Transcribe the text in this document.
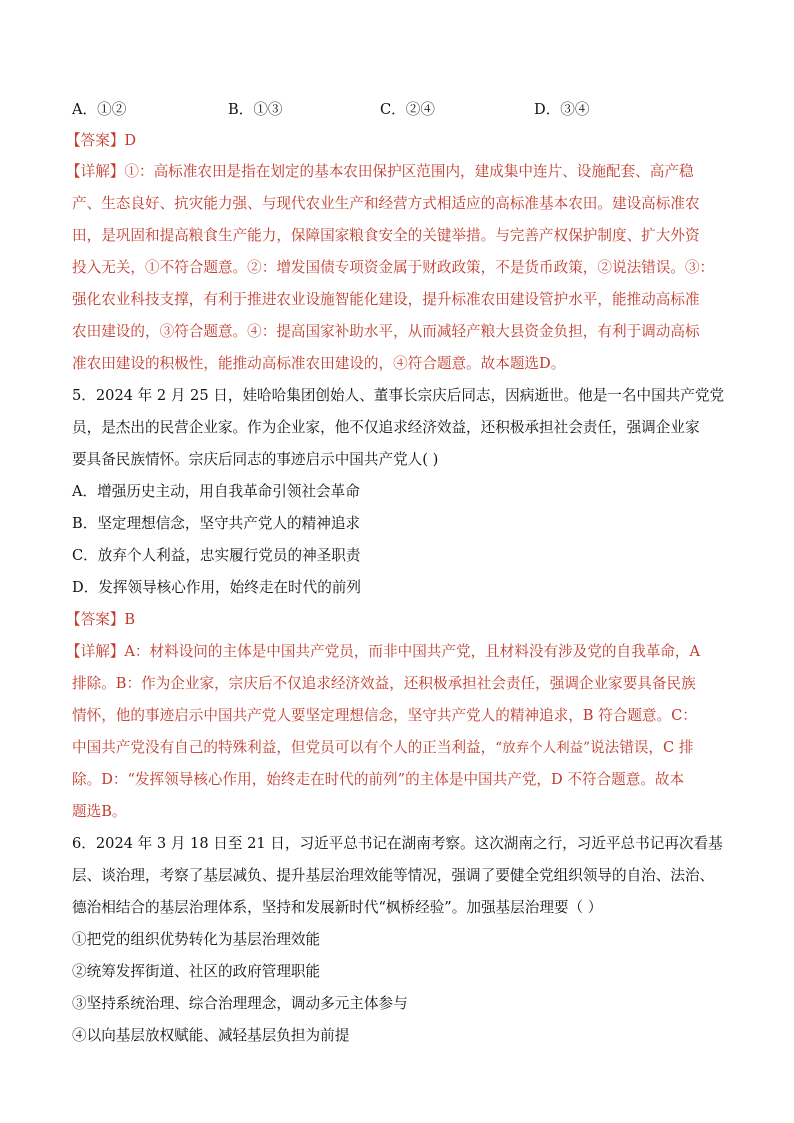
A．①②	B．①③	C．②④	D．③④
【答案】D
【详解】①：高标准农田是指在划定的基本农田保护区范围内，建成集中连片、设施配套、高产稳
产、生态良好、抗灾能力强、与现代农业生产和经营方式相适应的高标准基本农田。建设高标准农
田，是巩固和提高粮食生产能力，保障国家粮食安全的关键举措。与完善产权保护制度、扩大外资
投入无关，①不符合题意。②：增发国债专项资金属于财政政策，不是货币政策，②说法错误。③：
强化农业科技支撑，有利于推进农业设施智能化建设，提升标准农田建设管护水平，能推动高标准
农田建设的，③符合题意。④：提高国家补助水平，从而减轻产粮大县资金负担，有利于调动高标
准农田建设的积极性，能推动高标准农田建设的，④符合题意。故本题选D。
5．2024 年 2 月 25 日，娃哈哈集团创始人、董事长宗庆后同志，因病逝世。他是一名中国共产党党
员，是杰出的民营企业家。作为企业家，他不仅追求经济效益，还积极承担社会责任，强调企业家
要具备民族情怀。宗庆后同志的事迹启示中国共产党人( )
A．增强历史主动，用自我革命引领社会革命
B．坚定理想信念，坚守共产党人的精神追求
C．放弃个人利益，忠实履行党员的神圣职责
D．发挥领导核心作用，始终走在时代的前列
【答案】B
【详解】A：材料设问的主体是中国共产党员，而非中国共产党，且材料没有涉及党的自我革命，A
排除。B：作为企业家，宗庆后不仅追求经济效益，还积极承担社会责任，强调企业家要具备民族
情怀，他的事迹启示中国共产党人要坚定理想信念，坚守共产党人的精神追求，B 符合题意。C：
中国共产党没有自己的特殊利益，但党员可以有个人的正当利益，“放弃个人利益”说法错误，C 排
除。D：“发挥领导核心作用，始终走在时代的前列”的主体是中国共产党，D 不符合题意。故本
题选B。
6．2024 年 3 月 18 日至 21 日，习近平总书记在湖南考察。这次湖南之行，习近平总书记再次看基
层、谈治理，考察了基层减负、提升基层治理效能等情况，强调了要健全党组织领导的自治、法治、
德治相结合的基层治理体系，坚持和发展新时代“枫桥经验”。加强基层治理要（ ）
①把党的组织优势转化为基层治理效能
②统筹发挥街道、社区的政府管理职能
③坚持系统治理、综合治理理念，调动多元主体参与
④以向基层放权赋能、减轻基层负担为前提
